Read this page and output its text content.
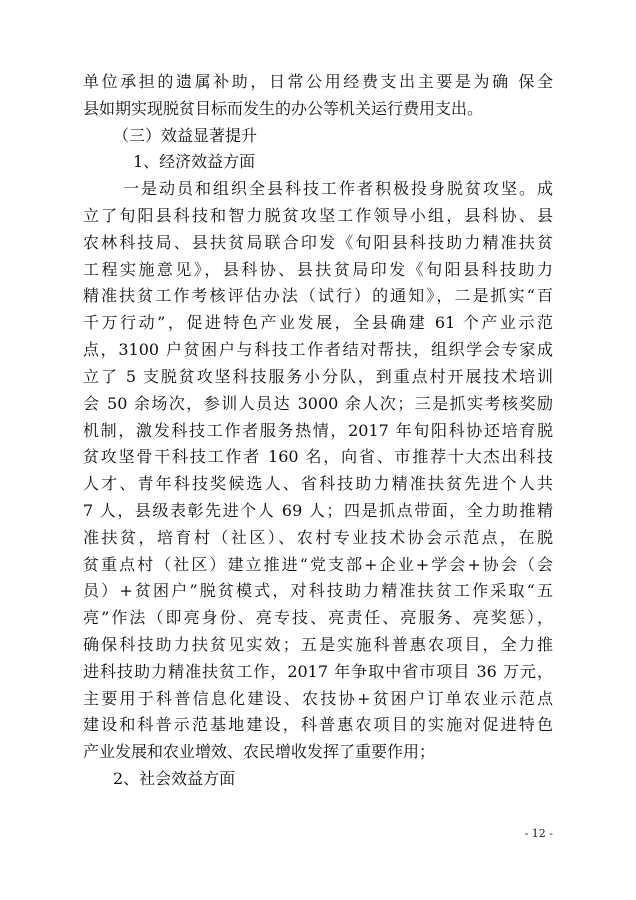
单位承担的遗属补助，日常公用经费支出主要是为确 保全
县如期实现脱贫目标而发生的办公等机关运行费用支出。
（三）效益显著提升
1、经济效益方面
一是动员和组织全县科技工作者积极投身脱贫攻坚。成
立了旬阳县科技和智力脱贫攻坚工作领导小组，县科协、县
农林科技局、县扶贫局联合印发《旬阳县科技助力精准扶贫
工程实施意见》，县科协、县扶贫局印发《旬阳县科技助力
精准扶贫工作考核评估办法（试行）的通知》，二是抓实“百
千万行动”，促进特色产业发展，全县确建 61 个产业示范
点，3100 户贫困户与科技工作者结对帮扶，组织学会专家成
立了 5 支脱贫攻坚科技服务小分队，到重点村开展技术培训
会 50 余场次，参训人员达 3000 余人次；三是抓实考核奖励
机制，激发科技工作者服务热情，2017 年旬阳科协还培育脱
贫攻坚骨干科技工作者 160 名，向省、市推荐十大杰出科技
人才、青年科技奖候选人、省科技助力精准扶贫先进个人共
7 人，县级表彰先进个人 69 人；四是抓点带面，全力助推精
准扶贫，培育村（社区）、农村专业技术协会示范点，在脱
贫重点村（社区）建立推进“党支部+企业+学会+协会（会
员）+贫困户”脱贫模式，对科技助力精准扶贫工作采取“五
亮”作法（即亮身份、亮专技、亮责任、亮服务、亮奖惩），
确保科技助力扶贫见实效；五是实施科普惠农项目，全力推
进科技助力精准扶贫工作，2017 年争取中省市项目 36 万元，
主要用于科普信息化建设、农技协+贫困户订单农业示范点
建设和科普示范基地建设，科普惠农项目的实施对促进特色
产业发展和农业增效、农民增收发挥了重要作用；
2、社会效益方面
- 12 -
